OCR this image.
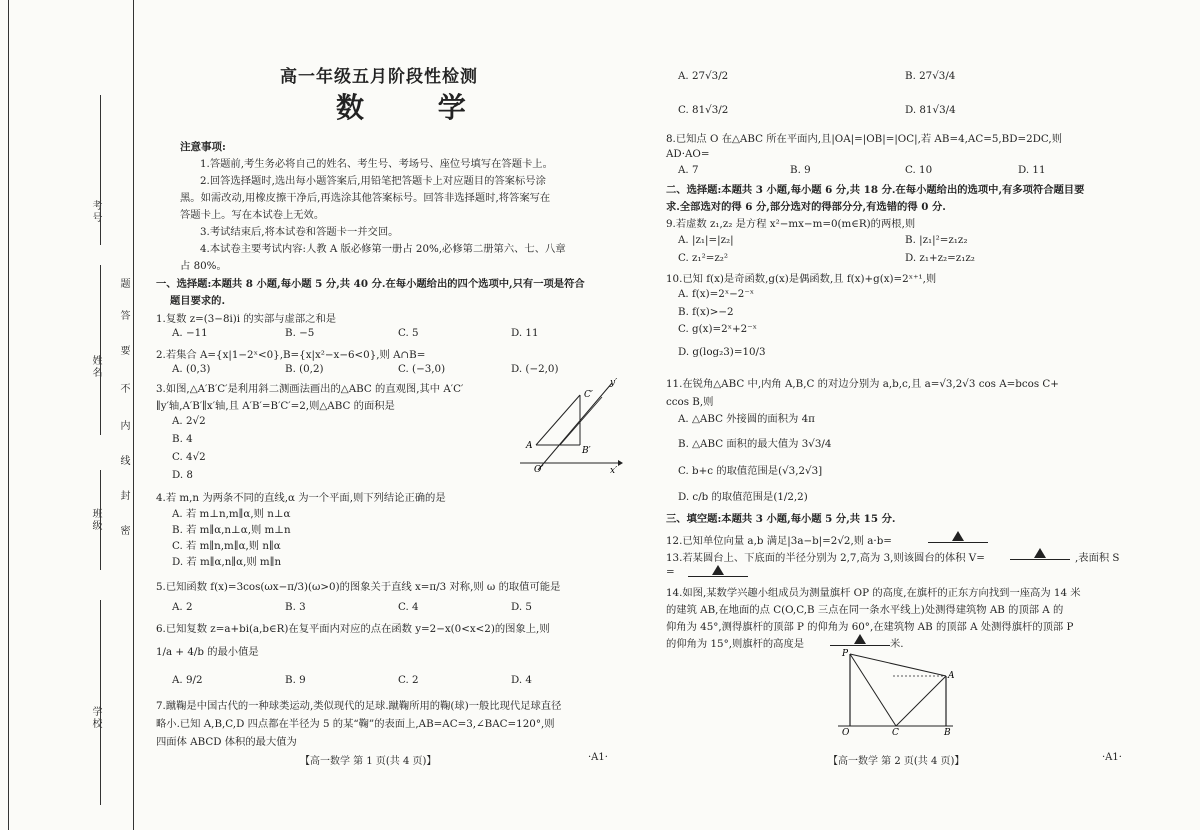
考号
姓名
班级
学校
题
答
要
不
内
线
封
密
高一年级五月阶段性检测
数 学
注意事项:
1.答题前,考生务必将自己的姓名、考生号、考场号、座位号填写在答题卡上。
2.回答选择题时,选出每小题答案后,用铅笔把答题卡上对应题目的答案标号涂
黑。如需改动,用橡皮擦干净后,再选涂其他答案标号。回答非选择题时,将答案写在
答题卡上。写在本试卷上无效。
3.考试结束后,将本试卷和答题卡一并交回。
4.本试卷主要考试内容:人教 A 版必修第一册占 20%,必修第二册第六、七、八章
占 80%。
一、选择题:本题共 8 小题,每小题 5 分,共 40 分.在每小题给出的四个选项中,只有一项是符合
题目要求的.
1.复数 z=(3−8i)i 的实部与虚部之和是
A. −11	B. −5	C. 5	D. 11
2.若集合 A={x|1−2ˣ<0},B={x|x²−x−6<0},则 A∩B=
A. (0,3)	B. (0,2)	C. (−3,0)	D. (−2,0)
3.如图,△A′B′C′是利用斜二测画法画出的△ABC 的直观图,其中 A′C′
∥y′轴,A′B′∥x′轴,且 A′B′=B′C′=2,则△ABC 的面积是
A. 2√2
B. 4
C. 4√2
D. 8
4.若 m,n 为两条不同的直线,α 为一个平面,则下列结论正确的是
A. 若 m⊥n,m∥α,则 n⊥α
B. 若 m∥α,n⊥α,则 m⊥n
C. 若 m∥n,m∥α,则 n∥α
D. 若 m∥α,n∥α,则 m∥n
5.已知函数 f(x)=3cos(ωx−π/3)(ω>0)的图象关于直线 x=π/3 对称,则 ω 的取值可能是
A. 2	B. 3	C. 4	D. 5
6.已知复数 z=a+bi(a,b∈R)在复平面内对应的点在函数 y=2−x(0<x<2)的图象上,则
1/a + 4/b 的最小值是
A. 9/2	B. 9	C. 2	D. 4
7.蹴鞠是中国古代的一种球类运动,类似现代的足球.蹴鞠所用的鞠(球)一般比现代足球直径
略小.已知 A,B,C,D 四点都在半径为 5 的某“鞠”的表面上,AB=AC=3,∠BAC=120°,则
四面体 ABCD 体积的最大值为
A	B′
C′
O′	x′
y′
【高一数学 第 1 页(共 4 页)】	·A1·
A. 27√3/2	B. 27√3/4
C. 81√3/2	D. 81√3/4
8.已知点 O 在△ABC 所在平面内,且|OA|=|OB|=|OC|,若 AB=4,AC=5,BD=2DC,则
AD·AO=
A. 7	B. 9	C. 10	D. 11
9.若虚数 z₁,z₂ 是方程 x²−mx−m=0(m∈R)的两根,则
A. |z₁|=|z₂|	B. |z₁|²=z₁z₂
C. z₁²=z₂²	D. z₁+z₂=z₁z₂
10.已知 f(x)是奇函数,g(x)是偶函数,且 f(x)+g(x)=2ˣ⁺¹,则
A. f(x)=2ˣ−2⁻ˣ
B. f(x)>−2
C. g(x)=2ˣ+2⁻ˣ
D. g(log₂3)=10/3
11.在锐角△ABC 中,内角 A,B,C 的对边分别为 a,b,c,且 a=√3,2√3 cos A=bcos C+
ccos B,则
A. △ABC 外接圆的面积为 4π
B. △ABC 面积的最大值为 3√3/4
C. b+c 的取值范围是(√3,2√3]
D. c/b 的取值范围是(1/2,2)
12.已知单位向量 a,b 满足|3a−b|=2√2,则 a·b=
13.若某圆台上、下底面的半径分别为 2,7,高为 3,则该圆台的体积 V=	,表面积 S
=
14.如图,某数学兴趣小组成员为测量旗杆 OP 的高度,在旗杆的正东方向找到一座高为 14 米
的建筑 AB,在地面的点 C(O,C,B 三点在同一条水平线上)处测得建筑物 AB 的顶部 A 的
仰角为 45°,测得旗杆的顶部 P 的仰角为 60°,在建筑物 AB 的顶部 A 处测得旗杆的顶部 P
的仰角为 15°,则旗杆的高度是	米.
二、选择题:本题共 3 小题,每小题 6 分,共 18 分.在每小题给出的选项中,有多项符合题目要
求.全部选对的得 6 分,部分选对的得部分分,有选错的得 0 分.
三、填空题:本题共 3 小题,每小题 5 分,共 15 分.
P
A
O	C	B
【高一数学 第 2 页(共 4 页)】	·A1·
